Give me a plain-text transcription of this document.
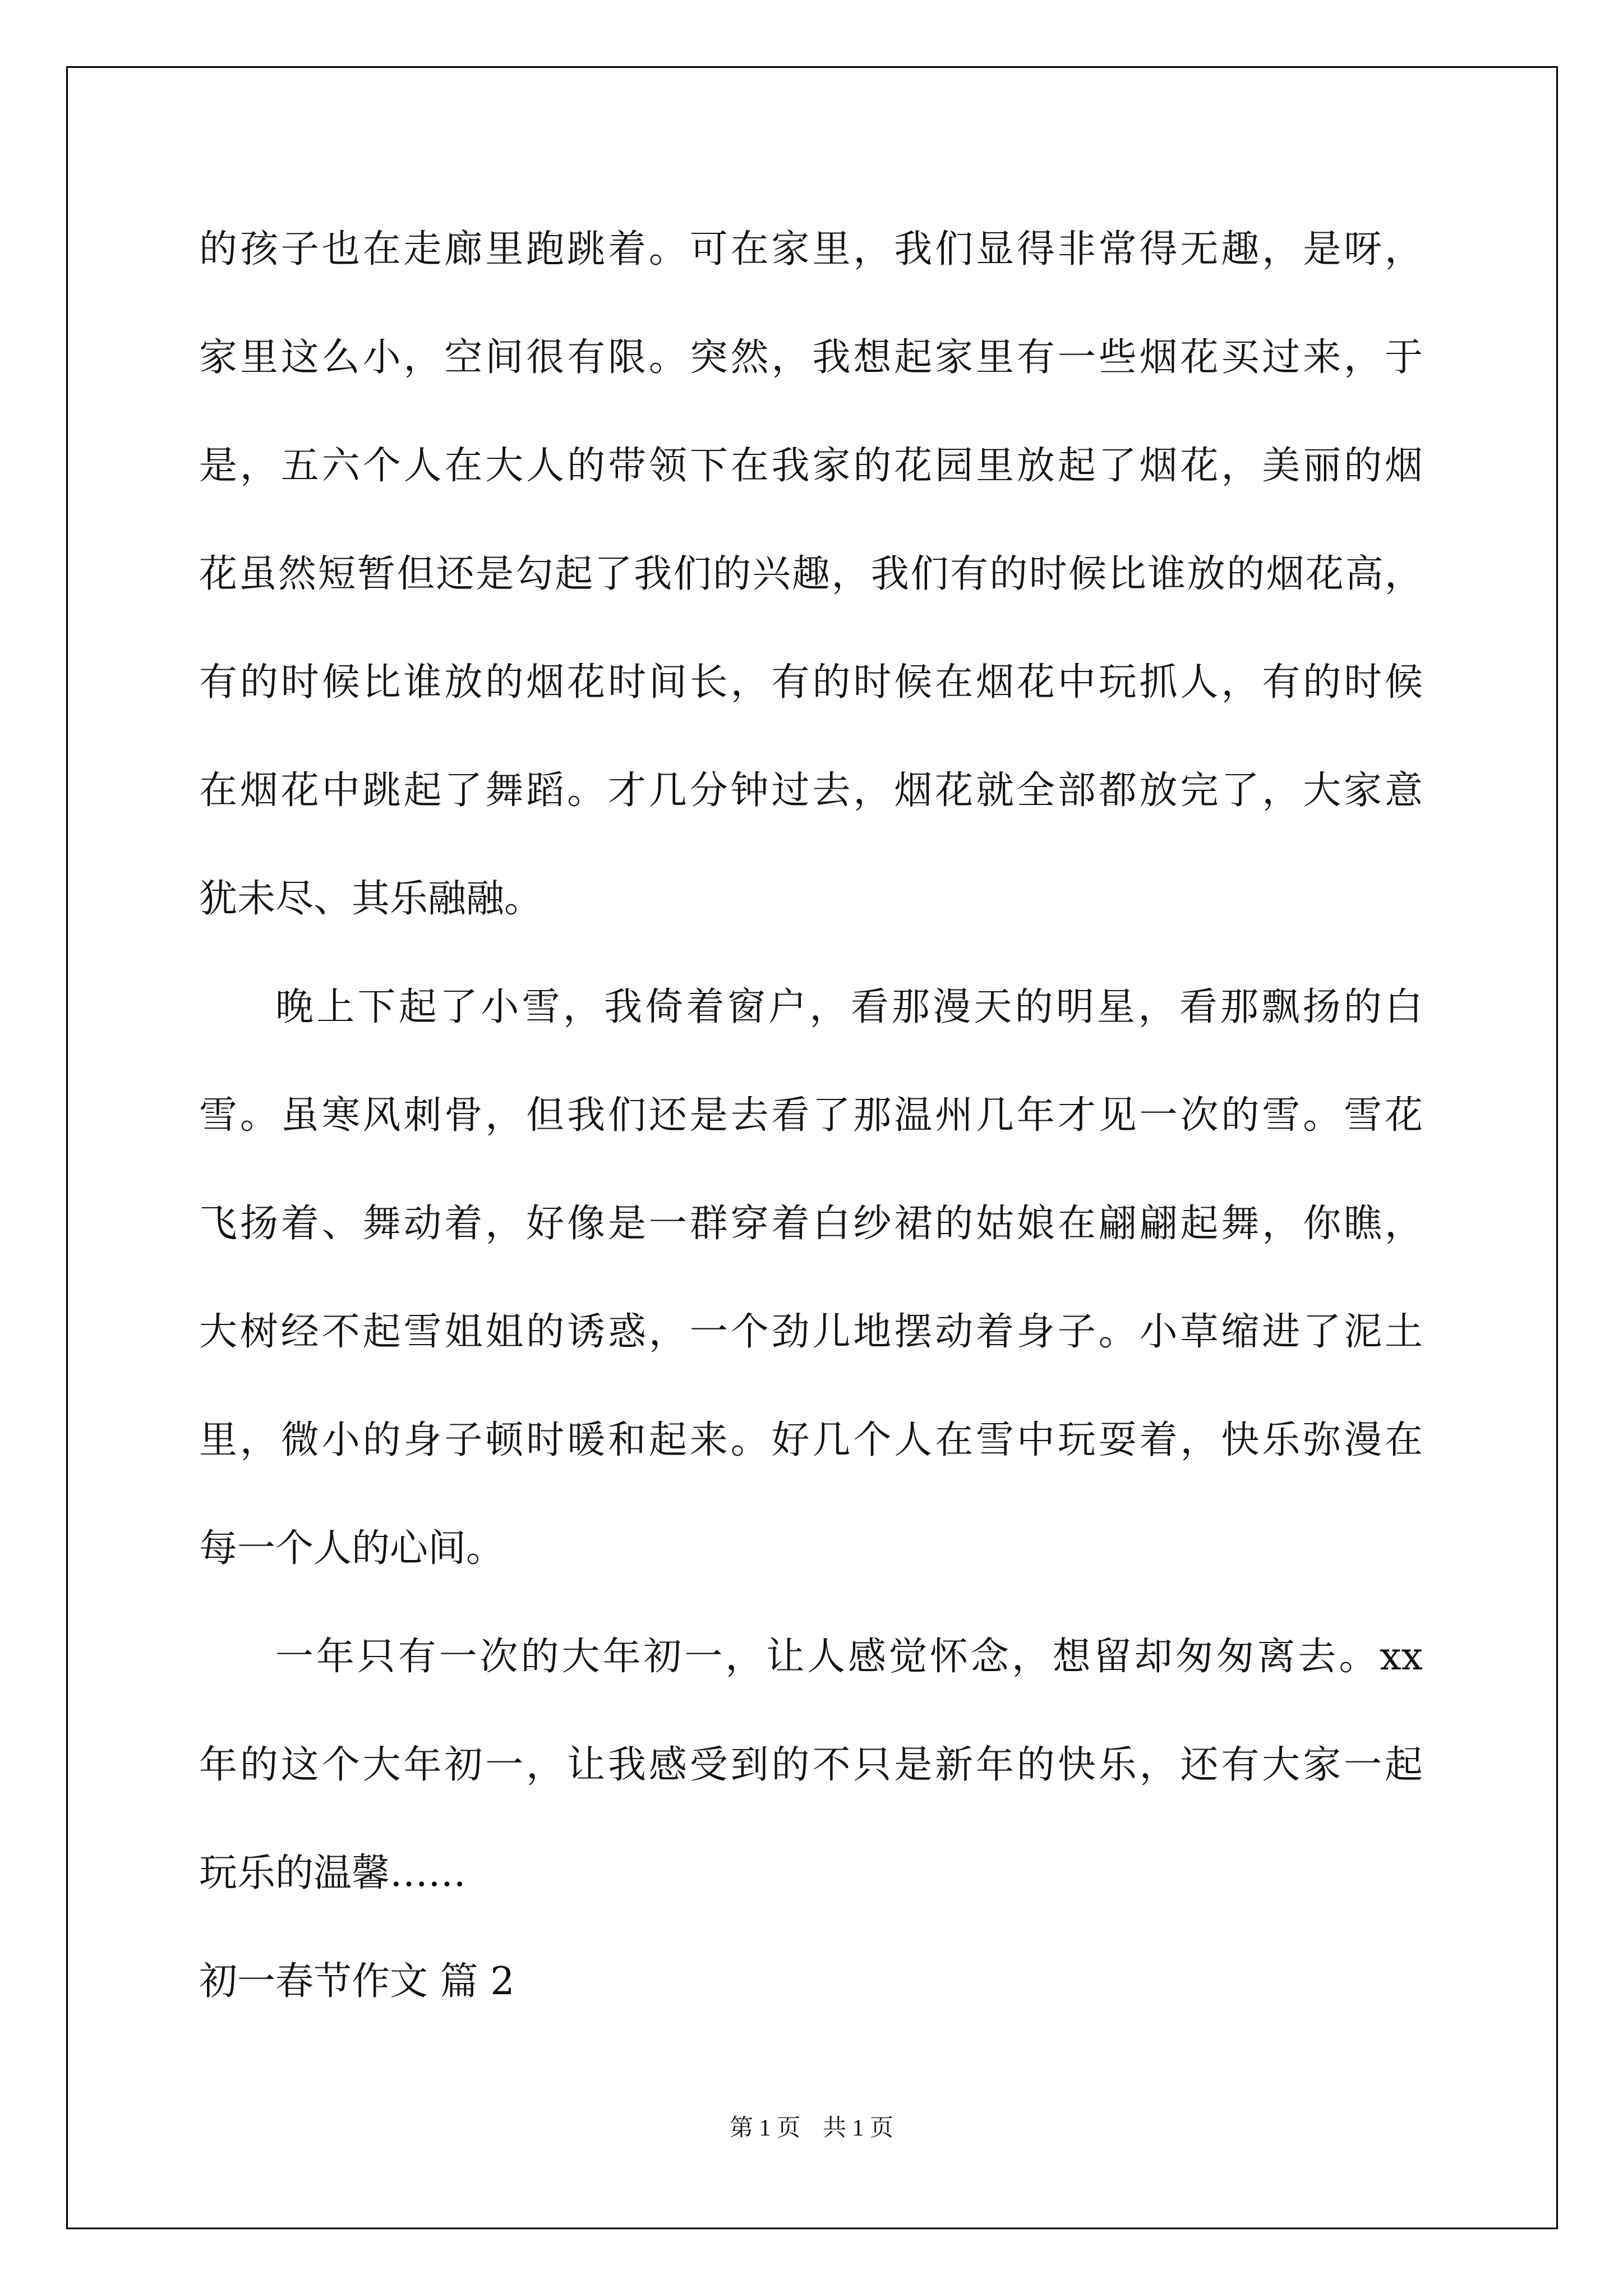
的孩子也在走廊里跑跳着。可在家里，我们显得非常得无趣，是呀，
家里这么小，空间很有限。突然，我想起家里有一些烟花买过来，于
是，五六个人在大人的带领下在我家的花园里放起了烟花，美丽的烟
花虽然短暂但还是勾起了我们的兴趣，我们有的时候比谁放的烟花高，
有的时候比谁放的烟花时间长，有的时候在烟花中玩抓人，有的时候
在烟花中跳起了舞蹈。才几分钟过去，烟花就全部都放完了，大家意
犹未尽、其乐融融。
晚上下起了小雪，我倚着窗户，看那漫天的明星，看那飘扬的白
雪。虽寒风刺骨，但我们还是去看了那温州几年才见一次的雪。雪花
飞扬着、舞动着，好像是一群穿着白纱裙的姑娘在翩翩起舞，你瞧，
大树经不起雪姐姐的诱惑，一个劲儿地摆动着身子。小草缩进了泥土
里，微小的身子顿时暖和起来。好几个人在雪中玩耍着，快乐弥漫在
每一个人的心间。
一年只有一次的大年初一，让人感觉怀念，想留却匆匆离去。xx
年的这个大年初一，让我感受到的不只是新年的快乐，还有大家一起
玩乐的温馨……
初一春节作文 篇 2
第 1 页 共 1 页
